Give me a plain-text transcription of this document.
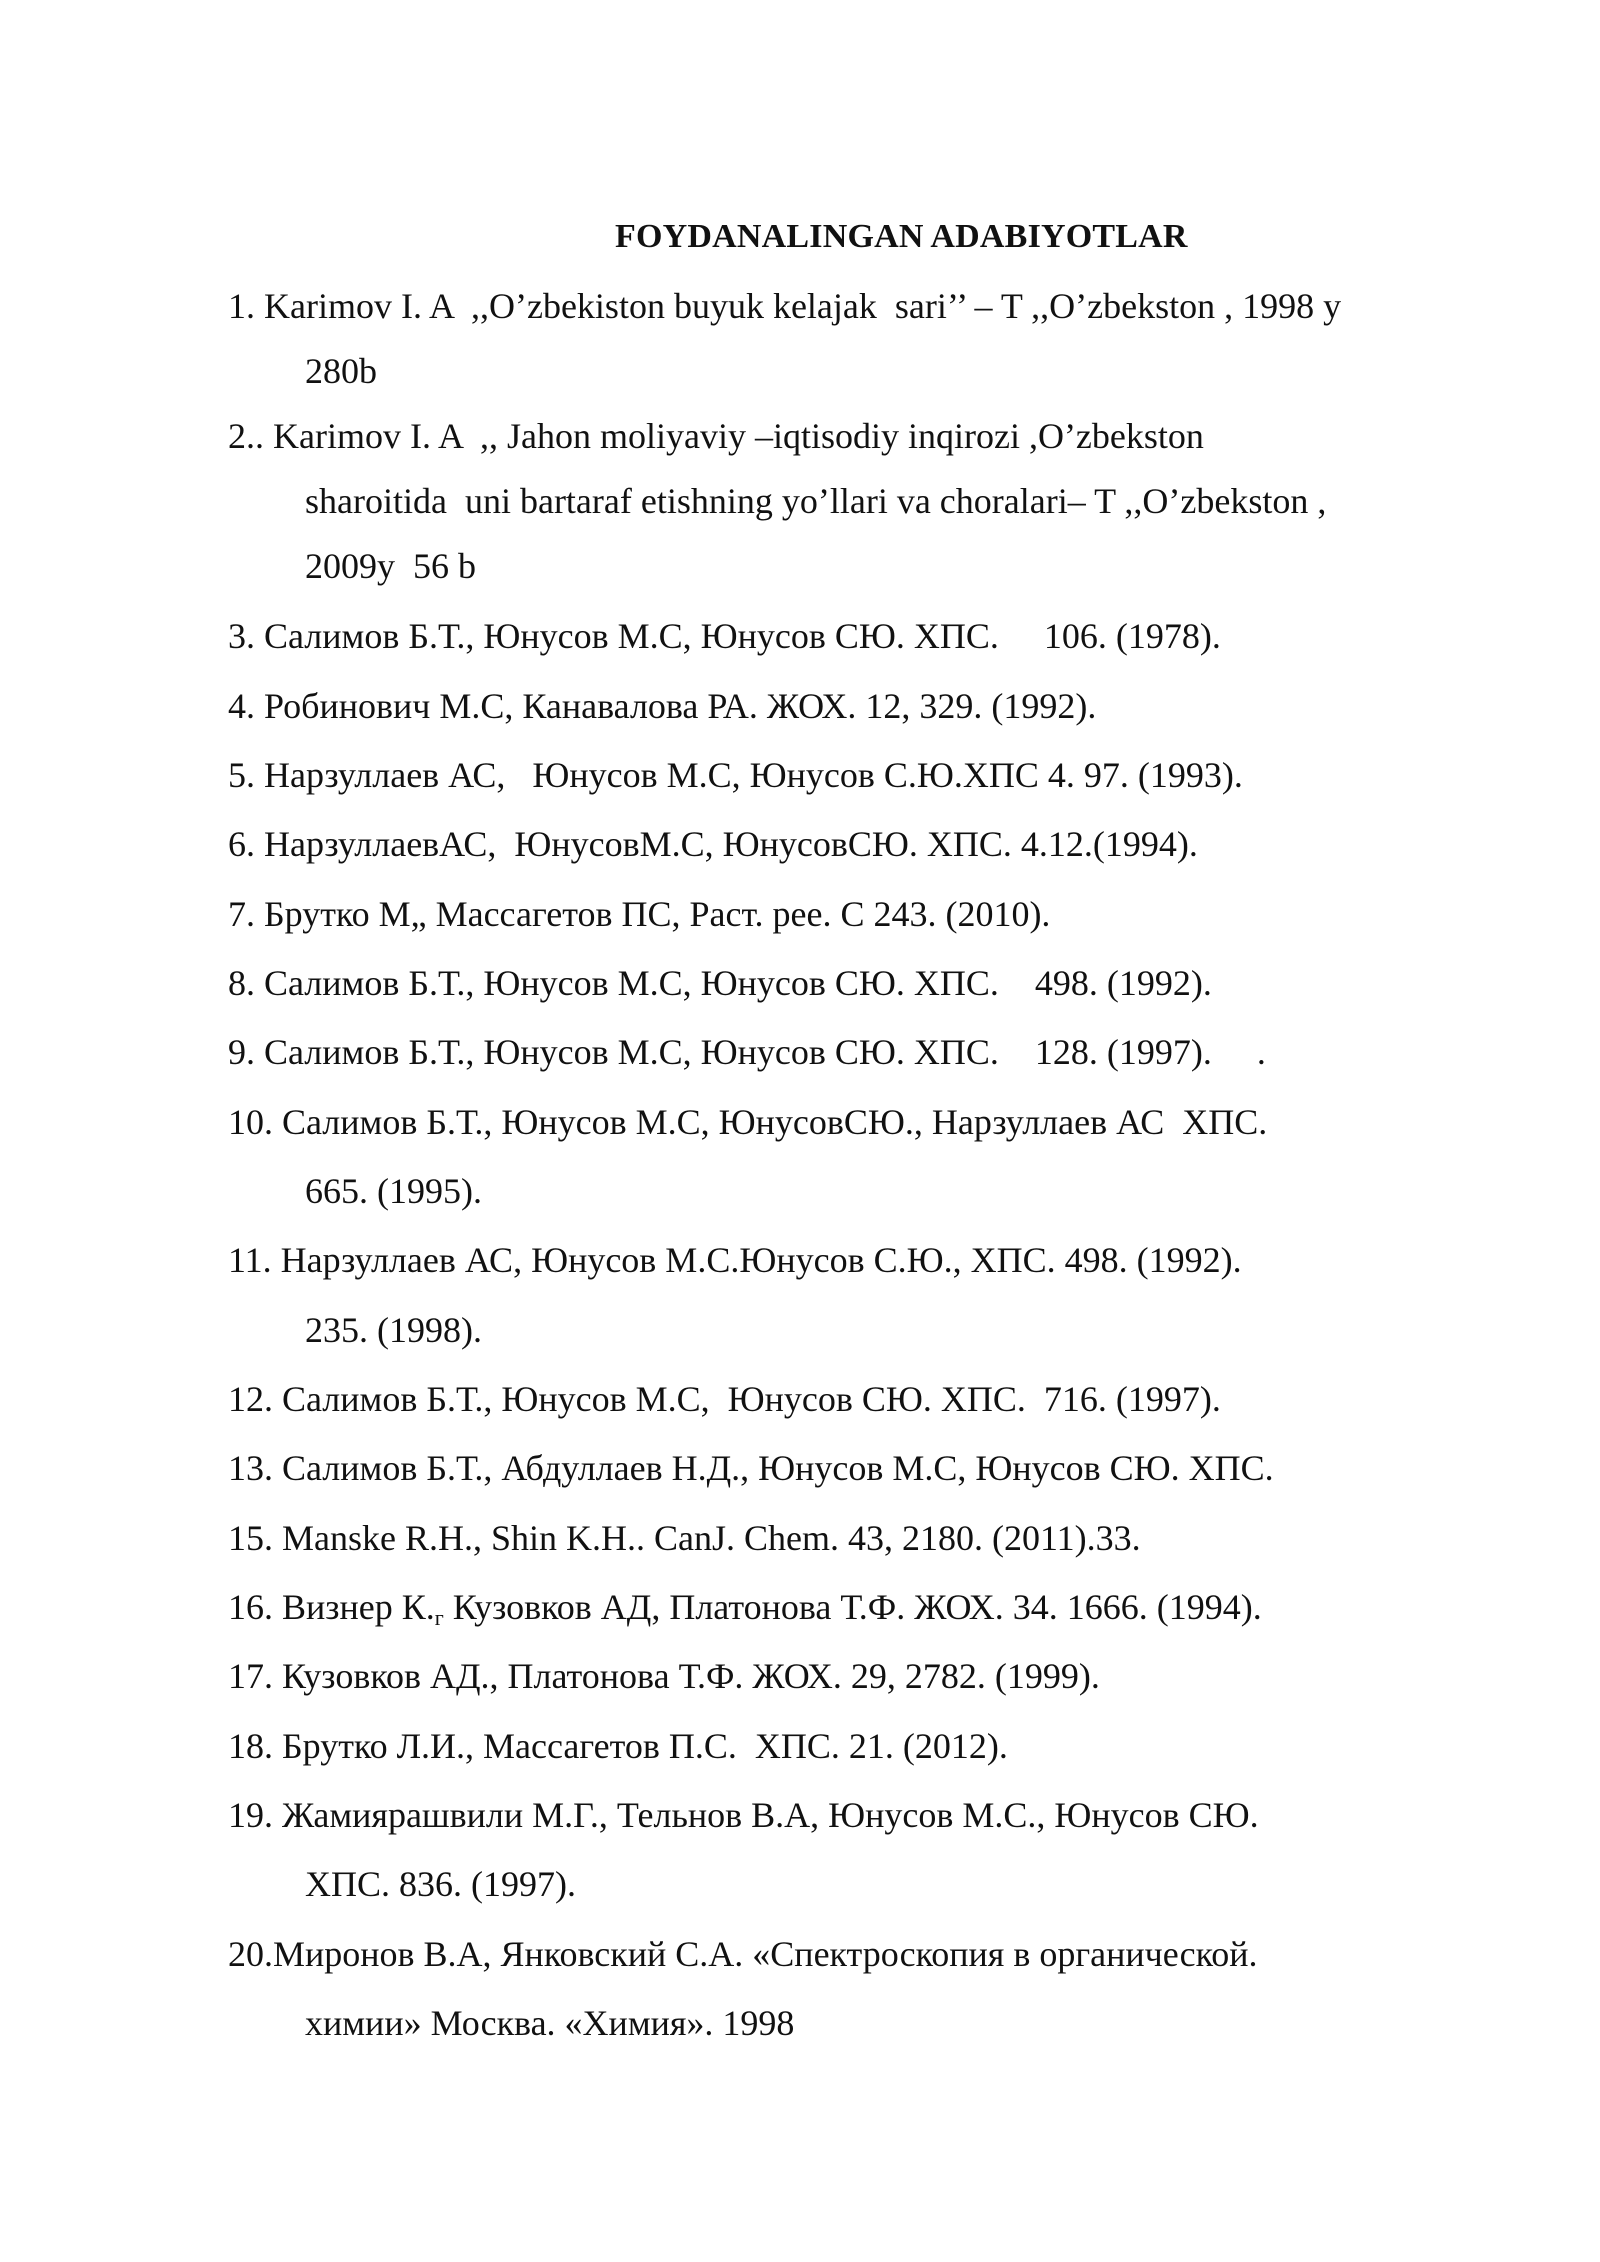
FOYDANALINGAN ADABIYOTLAR
1. Karimov I. A  ,,O’zbekiston buyuk kelajak  sari’’ – T ,,O’zbekston , 1998 y
280b
2.. Karimov I. A  ,, Jahon moliyaviy –iqtisodiy inqirozi ,O’zbekston
sharoitida  uni bartaraf etishning yo’llari va choralari– T ,,O’zbekston ,
2009y  56 b
3. Салимов Б.Т., Юнусов М.С, Юнусов СЮ. ХПС.     106. (1978).
4. Робинович М.С, Канавалова РА. ЖОХ. 12, 329. (1992).
5. Нарзуллаев АС,   Юнусов М.С, Юнусов С.Ю.ХПС 4. 97. (1993).
6. НарзуллаевАС,  ЮнусовМ.С, ЮнусовСЮ. ХПС. 4.12.(1994).
7. Брутко М„ Массагетов ПС, Раст. рее. С 243. (2010).
8. Салимов Б.Т., Юнусов М.С, Юнусов СЮ. ХПС.    498. (1992).
9. Салимов Б.Т., Юнусов М.С, Юнусов СЮ. ХПС.    128. (1997).     .
10. Салимов Б.Т., Юнусов М.С, ЮнусовСЮ., Нарзуллаев АС  ХПС.
665. (1995).
11. Нарзуллаев АС, Юнусов М.С.Юнусов С.Ю., ХПС. 498. (1992).
235. (1998).
12. Салимов Б.Т., Юнусов М.С,  Юнусов СЮ. ХПС.  716. (1997).
13. Салимов Б.Т., Абдуллаев Н.Д., Юнусов М.С, Юнусов СЮ. ХПС.
15. Manske R.H., Shin K.H.. CanJ. Chem. 43, 2180. (2011).33.
16. Визнер К.г Кузовков АД, Платонова Т.Ф. ЖОХ. 34. 1666. (1994).
17. Кузовков АД., Платонова Т.Ф. ЖОХ. 29, 2782. (1999).
18. Брутко Л.И., Массагетов П.С.  ХПС. 21. (2012).
19. Жамиярашвили М.Г., Тельнов В.А, Юнусов М.С., Юнусов СЮ.
ХПС. 836. (1997).
20.Миронов В.А, Янковский С.А. «Спектроскопия в органической.
химии» Москва. «Химия». 1998
